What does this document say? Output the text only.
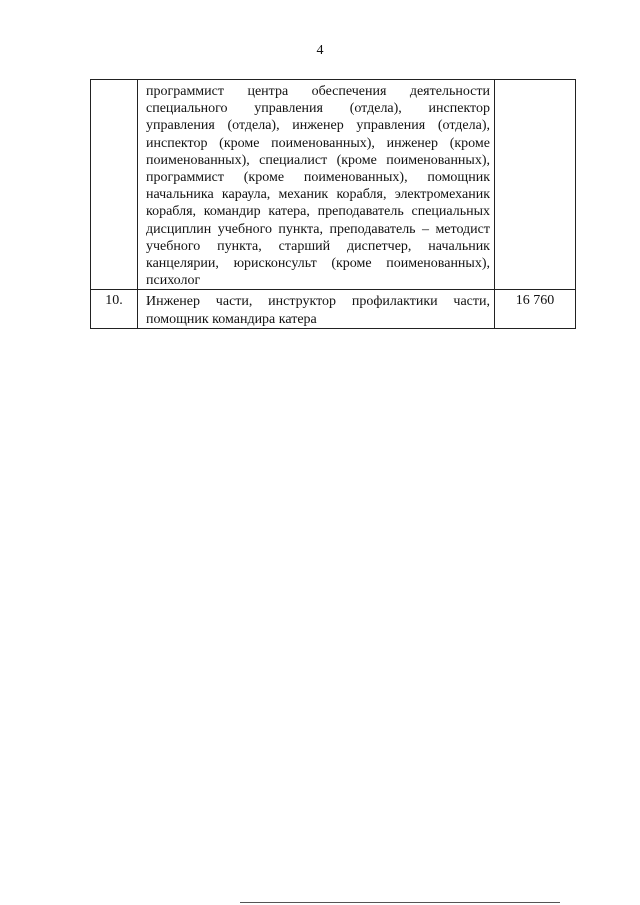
4
	программист центра обеспечения деятельности специального управления (отдела), инспектор управления (отдела), инженер управления (отдела), инспектор (кроме поименованных), инженер (кроме поименованных), специалист (кроме поименованных), программист (кроме поименованных), помощник начальника караула, механик корабля, электромеханик корабля, командир катера, преподаватель специальных дисциплин учебного пункта, преподаватель – методист учебного пункта, старший диспетчер, начальник канцелярии, юрисконсульт (кроме поименованных), психолог	
10.	Инженер части, инструктор профилактики части, помощник командира катера	16 760
